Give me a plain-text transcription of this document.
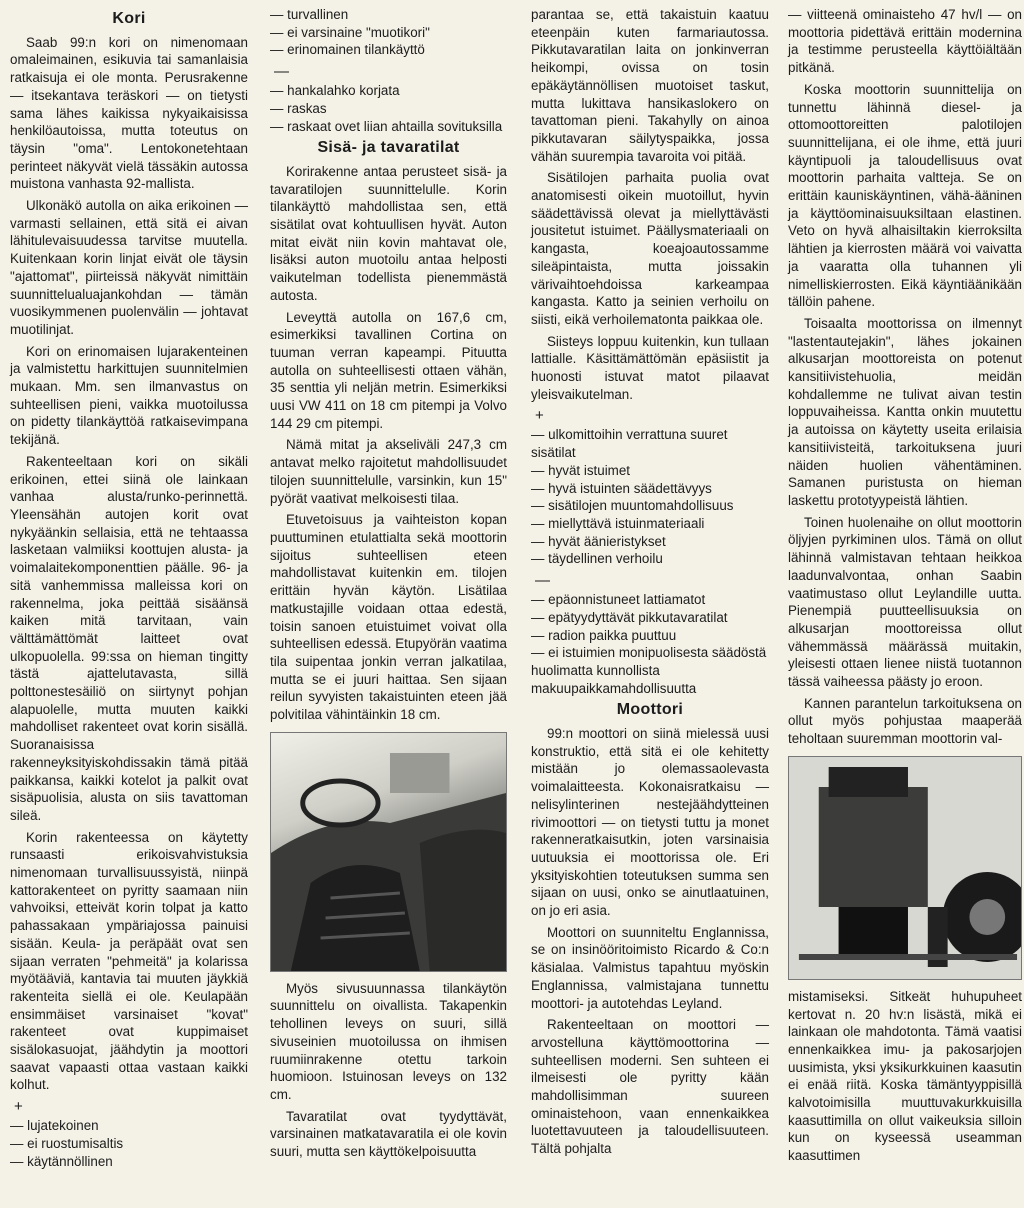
Kori

Saab 99:n kori on nimenomaan omaleimainen, esikuvia tai samanlaisia ratkaisuja ei ole monta. Perusrakenne — itsekantava teräskori — on tietysti sama lähes kaikissa nykyaikaisissa henkilöautoissa, mutta toteutus on täysin "oma". Lentokonetehtaan perinteet näkyvät vielä tässäkin autossa muistona vanhasta 92-mallista.

Ulkonäkö autolla on aika erikoinen — varmasti sellainen, että sitä ei aivan lähitulevaisuudessa tarvitse muutella. Kuitenkaan korin linjat eivät ole täysin "ajattomat", piirteissä näkyvät nimittäin suunnittelualuajankohdan — tämän vuosikymmenen puolenvälin — johtavat muotilinjat.

Kori on erinomaisen lujarakenteinen ja valmistettu harkittujen suunnitelmien mukaan. Mm. sen ilmanvastus on suhteellisen pieni, vaikka muotoilussa on pidetty tilankäyttöä ratkaisevimpana tekijänä.

Rakenteeltaan kori on sikäli erikoinen, ettei siinä ole lainkaan vanhaa alusta/runko-perinnettä. Yleensähän autojen korit ovat nykyäänkin sellaisia, että ne tehtaassa lasketaan valmiiksi koottujen alusta- ja voimalaitekomponenttien päälle. 96- ja sitä vanhemmissa malleissa kori on rakennelma, joka peittää sisäänsä kaiken mitä tarvitaan, vain välttämättömät laitteet ovat ulkopuolella. 99:ssa on hieman tingitty tästä ajattelutavasta, sillä polttonestesäiliö on siirtynyt pohjan alapuolelle, mutta muuten kaikki mahdolliset rakenteet ovat korin sisällä. Suoranaisissa rakenneyksityiskohdissakin tämä pitää paikkansa, kaikki kotelot ja palkit ovat sisäpuolisia, alusta on siis tavattoman sileä.

Korin rakenteessa on käytetty runsaasti erikoisvahvistuksia nimenomaan turvallisuussyistä, niinpä kattorakenteet on pyritty saamaan niin vahvoiksi, etteivät korin tolpat ja katto pahassakaan ympäriajossa painuisi sisään. Keula- ja peräpäät ovat sen sijaan verraten "pehmeitä" ja kolarissa myötääviä, kantavia tai muuten jäykkiä rakenteita siellä ei ole. Keulapään ensimmäiset varsinaiset "kovat" rakenteet ovat kuppimaiset sisälokasuojat, jäähdytin ja moottori saavat vapaasti ottaa vastaan kaikki kolhut.

+
— lujatekoinen
— ei ruostumisaltis
— käytännöllinen
— turvallinen
— ei varsinaine "muotikori"
— erinomainen tilankäyttö
—
— hankalahko korjata
— raskas
— raskaat ovet liian ahtailla sovituksilla
Sisä- ja tavaratilat

Korirakenne antaa perusteet sisä- ja tavaratilojen suunnittelulle. Korin tilankäyttö mahdollistaa sen, että sisätilat ovat kohtuullisen hyvät. Auton mitat eivät niin kovin mahtavat ole, lisäksi auton muotoilu antaa helposti vaikutelman todellista pienemmästä autosta.

Leveyttä autolla on 167,6 cm, esimerkiksi tavallinen Cortina on tuuman verran kapeampi. Pituutta autolla on suhteellisesti ottaen vähän, 35 senttia yli neljän metrin. Esimerkiksi uusi VW 411 on 18 cm pitempi ja Volvo 144 29 cm pitempi.

Nämä mitat ja akseliväli 247,3 cm antavat melko rajoitetut mahdollisuudet tilojen suunnittelulle, varsinkin, kun 15" pyörät vaativat melkoisesti tilaa.

Etuvetoisuus ja vaihteiston kopan puuttuminen etulattialta sekä moottorin sijoitus suhteellisen eteen mahdollistavat kuitenkin em. tilojen erittäin hyvän käytön. Lisätilaa matkustajille voidaan ottaa edestä, toisin sanoen etuistuimet voivat olla suhteellisen edessä. Etupyörän vaatima tila suipentaa jonkin verran jalkatilaa, mutta se ei juuri haittaa. Sen sijaan reilun syvyisten takaistuinten eteen jää polvitilaa vähintäinkin 18 cm.

Myös sivusuunnassa tilankäytön suunnittelu on oivallista. Takapenkin tehollinen leveys on suuri, sillä sivuseinien muotoilussa on ihmisen ruumiinrakenne otettu tarkoin huomioon. Istuinosan leveys on 132 cm.

Tavaratilat ovat tyydyttävät, varsinainen matkatavaratila ei ole kovin suuri, mutta sen käyttökelpoisuutta

parantaa se, että takaistuin kaatuu eteenpäin kuten farmariautossa. Pikkutavaratilan laita on jonkinverran heikompi, ovissa on tosin epäkäytännöllisen muotoiset taskut, mutta lukittava hansikaslokero on tavattoman pieni. Takahylly on ainoa pikkutavaran säilytyspaikka, jossa vähän suurempia tavaroita voi pitää.

Sisätilojen parhaita puolia ovat anatomisesti oikein muotoillut, hyvin säädettävissä olevat ja miellyttävästi jousitetut istuimet. Päällysmateriaali on kangasta, koeajoautossamme sileäpintaista, mutta joissakin värivaihtoehdoissa karkeampaa kangasta. Katto ja seinien verhoilu on siisti, eikä verhoilematonta paikkaa ole.

Siisteys loppuu kuitenkin, kun tullaan lattialle. Käsittämättömän epäsiistit ja huonosti istuvat matot pilaavat yleisvaikutelman.

+
— ulkomittoihin verrattuna suuret sisätilat
— hyvät istuimet
— hyvä istuinten säädettävyys
— sisätilojen muuntomahdollisuus
— miellyttävä istuinmateriaali
— hyvät äänieristykset
— täydellinen verhoilu
—
— epäonnistuneet lattiamatot
— epätyydyttävät pikkutavaratilat
— radion paikka puuttuu
— ei istuimien monipuolisesta säädöstä huolimatta kunnollista makuupaikkamahdollisuutta
Moottori

99:n moottori on siinä mielessä uusi konstruktio, että sitä ei ole kehitetty mistään jo olemassaolevasta voimalaitteesta. Kokonaisratkaisu — nelisylinterinen nestejäähdytteinen rivimoottori — on tietysti tuttu ja monet rakenneratkaisutkin, joten varsinaisia uutuuksia ei moottorissa ole. Eri yksityiskohtien toteutuksen summa sen sijaan on uusi, onko se ainutlaatuinen, on jo eri asia.

Moottori on suunniteltu Englannissa, se on insinööritoimisto Ricardo & Co:n käsialaa. Valmistus tapahtuu myöskin Englannissa, valmistajana tunnettu moottori- ja autotehdas Leyland.

Rakenteeltaan on moottori — arvostelluna käyttömoottorina — suhteellisen moderni. Sen suhteen ei ilmeisesti ole pyritty kään mahdollisimman suureen ominaistehoon, vaan ennenkaikkea luotettavuuteen ja taloudellisuuteen. Tältä pohjalta

— viitteenä ominaisteho 47 hv/l — on moottoria pidettävä erittäin modernina ja testimme perusteella käyttöiältään pitkänä.

Koska moottorin suunnittelija on tunnettu lähinnä diesel- ja ottomoottoreitten palotilojen suunnittelijana, ei ole ihme, että juuri käyntipuoli ja taloudellisuus ovat moottorin parhaita valtteja. Se on erittäin kauniskäyntinen, vähä-ääninen ja käyttöominaisuuksiltaan elastinen. Veto on hyvä alhaisiltakin kierroksilta lähtien ja kierrosten määrä voi vaivatta ja vaaratta olla tuhannen yli nimelliskierrosten. Eikä käyntiäänikään tällöin pahene.

Toisaalta moottorissa on ilmennyt "lastentautejakin", lähes jokainen alkusarjan moottoreista on potenut kansitiivistehuolia, meidän kohdallemme ne tulivat aivan testin loppuvaiheissa. Kantta onkin muutettu ja autoissa on käytetty useita erilaisia kansitiivisteitä, tarkoituksena juuri näiden huolien vähentäminen. Samanen puristusta on hieman laskettu prototyypeistä lähtien.

Toinen huolenaihe on ollut moottorin öljyjen pyrkiminen ulos. Tämä on ollut lähinnä valmistavan tehtaan heikkoa laadunvalvontaa, onhan Saabin vaatimustaso ollut Leylandille uutta. Pienempiä puutteellisuuksia on alkusarjan moottoreissa ollut vähemmässä määrässä muitakin, yleisesti ottaen lienee niistä tuotannon tässä vaiheessa päästy jo eroon.

Kannen parantelun tarkoituksena on ollut myös pohjustaa maaperää teholtaan suuremman moottorin val-

mistamiseksi. Sitkeät huhupuheet kertovat n. 20 hv:n lisästä, mikä ei lainkaan ole mahdotonta. Tämä vaatisi ennenkaikkea imu- ja pakosarjojen uusimista, yksi yksikurkkuinen kaasutin ei enää riitä. Koska tämäntyyppisillä kalvotoimisilla muuttuvakurkkuisilla kaasuttimilla on ollut vaikeuksia silloin kun on kyseessä useamman kaasuttimen
